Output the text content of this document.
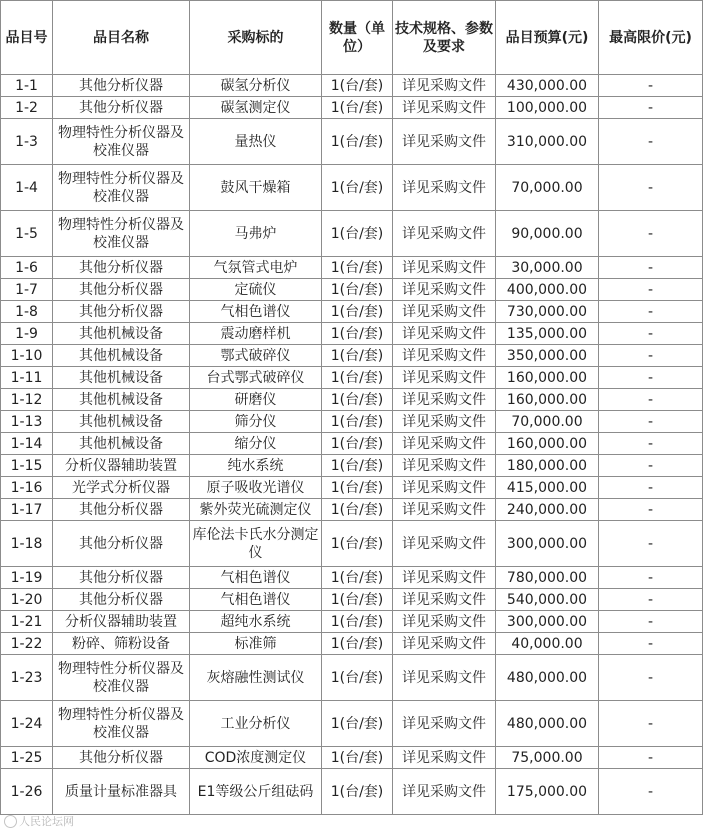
品目号	品目名称	采购标的	数量（单位）	技术规格、参数及要求	品目预算(元)	最高限价(元)
1-1	其他分析仪器	碳氢分析仪	1(台/套)	详见采购文件	430,000.00	-
1-2	其他分析仪器	碳氢测定仪	1(台/套)	详见采购文件	100,000.00	-
1-3	物理特性分析仪器及校准仪器	量热仪	1(台/套)	详见采购文件	310,000.00	-
1-4	物理特性分析仪器及校准仪器	鼓风干燥箱	1(台/套)	详见采购文件	70,000.00	-
1-5	物理特性分析仪器及校准仪器	马弗炉	1(台/套)	详见采购文件	90,000.00	-
1-6	其他分析仪器	气氛管式电炉	1(台/套)	详见采购文件	30,000.00	-
1-7	其他分析仪器	定硫仪	1(台/套)	详见采购文件	400,000.00	-
1-8	其他分析仪器	气相色谱仪	1(台/套)	详见采购文件	730,000.00	-
1-9	其他机械设备	震动磨样机	1(台/套)	详见采购文件	135,000.00	-
1-10	其他机械设备	鄂式破碎仪	1(台/套)	详见采购文件	350,000.00	-
1-11	其他机械设备	台式鄂式破碎仪	1(台/套)	详见采购文件	160,000.00	-
1-12	其他机械设备	研磨仪	1(台/套)	详见采购文件	160,000.00	-
1-13	其他机械设备	筛分仪	1(台/套)	详见采购文件	70,000.00	-
1-14	其他机械设备	缩分仪	1(台/套)	详见采购文件	160,000.00	-
1-15	分析仪器辅助装置	纯水系统	1(台/套)	详见采购文件	180,000.00	-
1-16	光学式分析仪器	原子吸收光谱仪	1(台/套)	详见采购文件	415,000.00	-
1-17	其他分析仪器	紫外荧光硫测定仪	1(台/套)	详见采购文件	240,000.00	-
1-18	其他分析仪器	库伦法卡氏水分测定仪	1(台/套)	详见采购文件	300,000.00	-
1-19	其他分析仪器	气相色谱仪	1(台/套)	详见采购文件	780,000.00	-
1-20	其他分析仪器	气相色谱仪	1(台/套)	详见采购文件	540,000.00	-
1-21	分析仪器辅助装置	超纯水系统	1(台/套)	详见采购文件	300,000.00	-
1-22	粉碎、筛粉设备	标准筛	1(台/套)	详见采购文件	40,000.00	-
1-23	物理特性分析仪器及校准仪器	灰熔融性测试仪	1(台/套)	详见采购文件	480,000.00	-
1-24	物理特性分析仪器及校准仪器	工业分析仪	1(台/套)	详见采购文件	480,000.00	-
1-25	其他分析仪器	COD浓度测定仪	1(台/套)	详见采购文件	75,000.00	-
1-26	质量计量标准器具	E1等级公斤组砝码	1(台/套)	详见采购文件	175,000.00	-
人民论坛网
